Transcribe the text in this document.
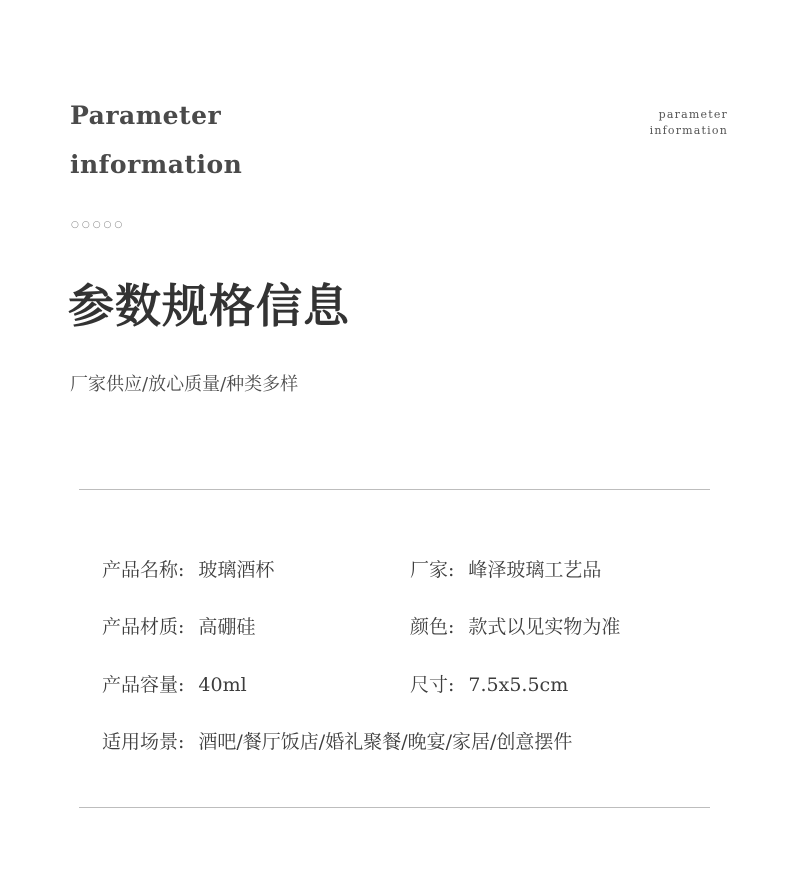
Parameter
information
parameter
information
○○○○○
参数规格信息
厂家供应/放心质量/种类多样
产品名称: 玻璃酒杯	厂家: 峰泽玻璃工艺品
产品材质: 高硼硅	颜色: 款式以见实物为准
产品容量: 40ml	尺寸: 7.5x5.5cm
适用场景: 酒吧/餐厅饭店/婚礼聚餐/晚宴/家居/创意摆件
